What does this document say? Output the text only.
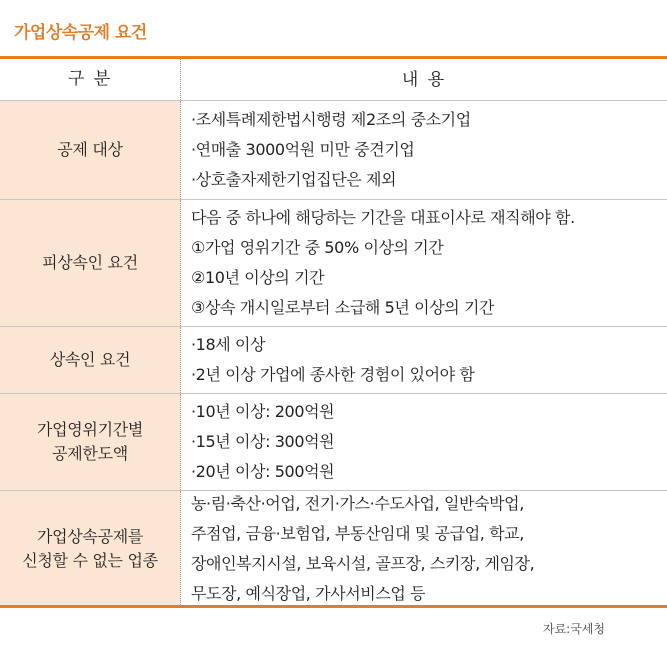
가업상속공제 요건
구 분	내 용
공제 대상
·조세특례제한법시행령 제2조의 중소기업
·연매출 3000억원 미만 중견기업
·상호출자제한기업집단은 제외
피상속인 요건
다음 중 하나에 해당하는 기간을 대표이사로 재직해야 함.
①가업 영위기간 중 50% 이상의 기간
②10년 이상의 기간
③상속 개시일로부터 소급해 5년 이상의 기간
상속인 요건
·18세 이상
·2년 이상 가업에 종사한 경험이 있어야 함
가업영위기간별
공제한도액
·10년 이상: 200억원
·15년 이상: 300억원
·20년 이상: 500억원
가업상속공제를
신청할 수 없는 업종
농·림·축산·어업, 전기·가스·수도사업, 일반숙박업,
주점업, 금융·보험업, 부동산임대 및 공급업, 학교,
장애인복지시설, 보육시설, 골프장, 스키장, 게임장,
무도장, 예식장업, 가사서비스업 등
자료:국세청
